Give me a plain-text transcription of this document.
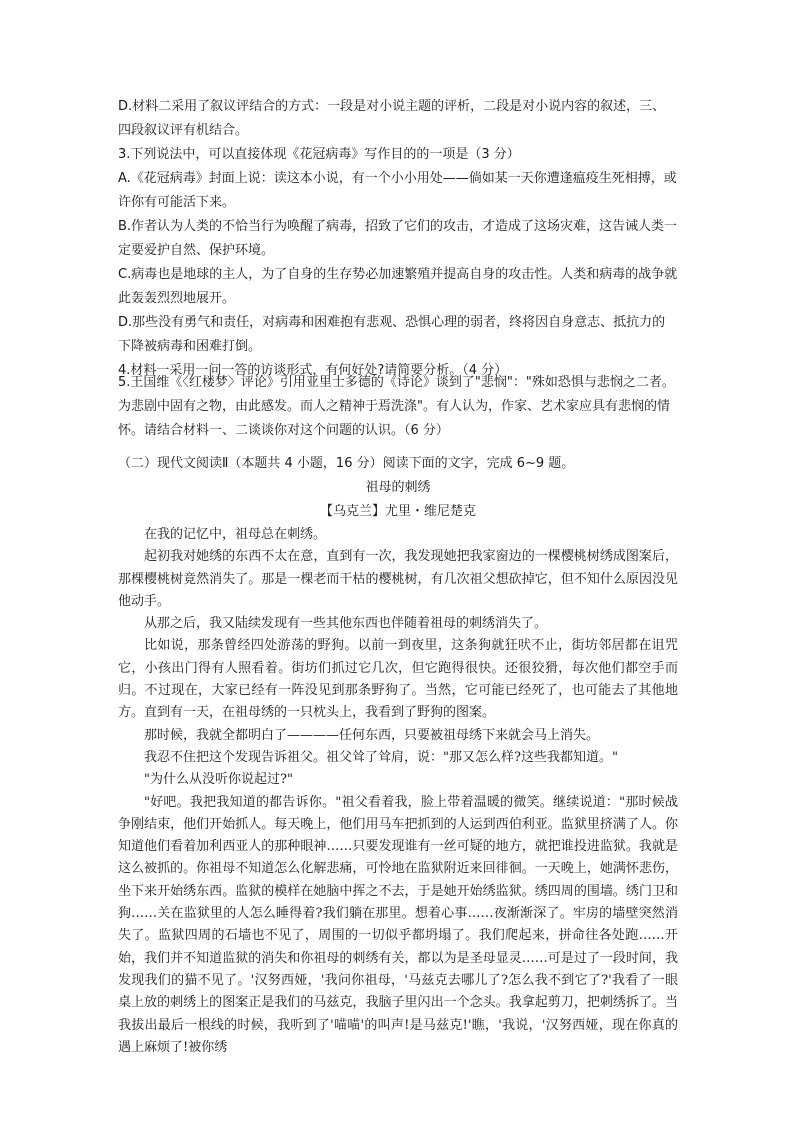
D.材料二采用了叙议评结合的方式：一段是对小说主题的评析，二段是对小说内容的叙述，三、四段叙议评有机结合。

3.下列说法中，可以直接体现《花冠病毒》写作目的的一项是（3 分）

A.《花冠病毒》封面上说：读这本小说，有一个小小用处——倘如某一天你遭逢瘟疫生死相搏，或许你有可能活下来。

B.作者认为人类的不恰当行为唤醒了病毒，招致了它们的攻击，才造成了这场灾难，这告诫人类一定要爱护自然、保护环境。

C.病毒也是地球的主人，为了自身的生存势必加速繁殖并提高自身的攻击性。人类和病毒的战争就此轰轰烈烈地展开。

D.那些没有勇气和责任，对病毒和困难抱有悲观、恐惧心理的弱者，终将因自身意志、抵抗力的下降被病毒和困难打倒。

4.材料一采用一问一答的访谈形式，有何好处?请简要分析。（4 分）

5.王国维《〈红楼梦〉评论》引用亚里士多德的《诗论》谈到了"悲悯"："殊如恐惧与悲悯之二者。为悲剧中固有之物，由此感发。而人之精神于焉洗涤"。有人认为，作家、艺术家应具有悲悯的情怀。请结合材料一、二谈谈你对这个问题的认识。（6 分）

（二）现代文阅读Ⅱ（本题共 4 小题，16 分）阅读下面的文字，完成 6~9 题。

祖母的刺绣

【乌克兰】尤里・维尼楚克

在我的记忆中，祖母总在刺绣。

起初我对她绣的东西不太在意，直到有一次，我发现她把我家窗边的一棵樱桃树绣成图案后，那棵樱桃树竟然消失了。那是一棵老而干枯的樱桃树，有几次祖父想砍掉它，但不知什么原因没见他动手。

从那之后，我又陆续发现有一些其他东西也伴随着祖母的刺绣消失了。

比如说，那条曾经四处游荡的野狗。以前一到夜里，这条狗就狂吠不止，街坊邻居都在诅咒它，小孩出门得有人照看着。街坊们抓过它几次，但它跑得很快。还很狡猾，每次他们都空手而归。不过现在，大家已经有一阵没见到那条野狗了。当然，它可能已经死了，也可能去了其他地方。直到有一天，在祖母绣的一只枕头上，我看到了野狗的图案。

那时候，我就全都明白了————任何东西，只要被祖母绣下来就会马上消失。

我忍不住把这个发现告诉祖父。祖父耸了耸肩，说："那又怎么样?这些我都知道。"

"为什么从没听你说起过?"

"好吧。我把我知道的都告诉你。"祖父看着我，脸上带着温暖的微笑。继续说道："那时候战争刚结束，他们开始抓人。每天晚上，他们用马车把抓到的人运到西伯利亚。监狱里挤满了人。你知道他们看着加利西亚人的那种眼神……只要发现谁有一丝可疑的地方，就把谁投进监狱。我就是这么被抓的。你祖母不知道怎么化解悲痛，可怜地在监狱附近来回徘徊。一天晚上，她满怀悲伤，坐下来开始绣东西。监狱的模样在她脑中挥之不去，于是她开始绣监狱。绣四周的围墙。绣门卫和狗……关在监狱里的人怎么睡得着?我们躺在那里。想着心事……夜渐渐深了。牢房的墙壁突然消失了。监狱四周的石墙也不见了，周围的一切似乎都坍塌了。我们爬起来，拼命往各处跑……开始，我们并不知道监狱的消失和你祖母的刺绣有关，都以为是圣母显灵……可是过了一段时间，我发现我们的猫不见了。'汉努西娅，'我问你祖母，'马兹克去哪儿了?怎么我不到它了?'我看了一眼桌上放的刺绣上的图案正是我们的马兹克，我脑子里闪出一个念头。我拿起剪刀，把刺绣拆了。当我拔出最后一根线的时候，我听到了'喵喵'的叫声!是马兹克!'瞧，'我说，'汉努西娅，现在你真的遇上麻烦了!被你绣
